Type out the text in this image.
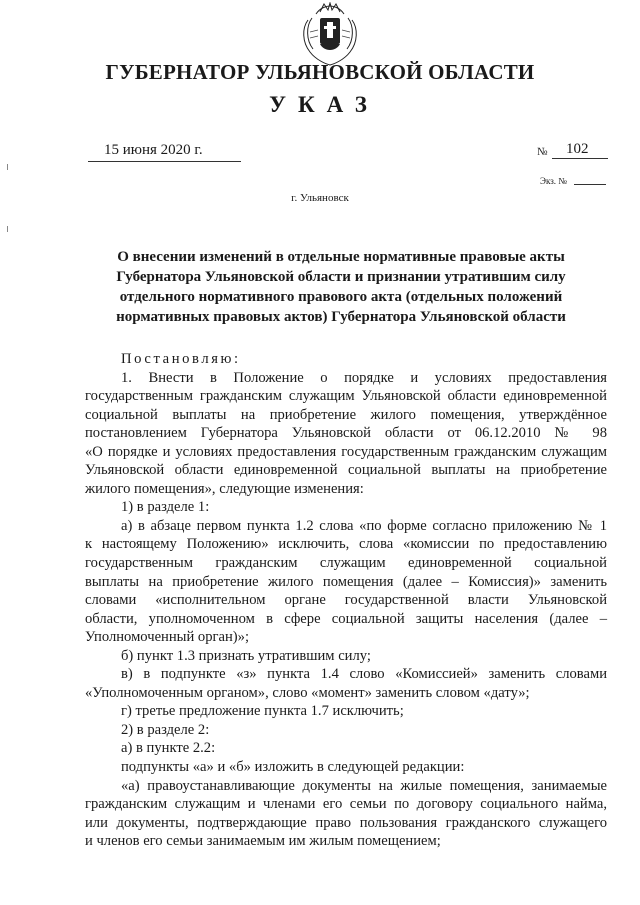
ГУБЕРНАТОР УЛЬЯНОВСКОЙ ОБЛАСТИ
УКАЗ
15 июня 2020 г.	№ 102
Экз. №
г. Ульяновск
О внесении изменений в отдельные нормативные правовые акты
Губернатора Ульяновской области и признании утратившим силу
отдельного нормативного правового акта (отдельных положений
нормативных правовых актов) Губернатора Ульяновской области
Постановляю:
1. Внести в Положение о порядке и условиях предоставления
государственным гражданским служащим Ульяновской области единовременной
социальной выплаты на приобретение жилого помещения, утверждённое
постановлением Губернатора Ульяновской области от 06.12.2010 № 98
«О порядке и условиях предоставления государственным гражданским служащим
Ульяновской области единовременной социальной выплаты на приобретение
жилого помещения», следующие изменения:
1) в разделе 1:
а) в абзаце первом пункта 1.2 слова «по форме согласно приложению № 1
к настоящему Положению» исключить, слова «комиссии по предоставлению
государственным гражданским служащим единовременной социальной
выплаты на приобретение жилого помещения (далее – Комиссия)» заменить
словами «исполнительном органе государственной власти Ульяновской
области, уполномоченном в сфере социальной защиты населения (далее –
Уполномоченный орган)»;
б) пункт 1.3 признать утратившим силу;
в) в подпункте «з» пункта 1.4 слово «Комиссией» заменить словами
«Уполномоченным органом», слово «момент» заменить словом «дату»;
г) третье предложение пункта 1.7 исключить;
2) в разделе 2:
а) в пункте 2.2:
подпункты «а» и «б» изложить в следующей редакции:
«а) правоустанавливающие документы на жилые помещения, занимаемые
гражданским служащим и членами его семьи по договору социального найма,
или документы, подтверждающие право пользования гражданского служащего
и членов его семьи занимаемым им жилым помещением;
